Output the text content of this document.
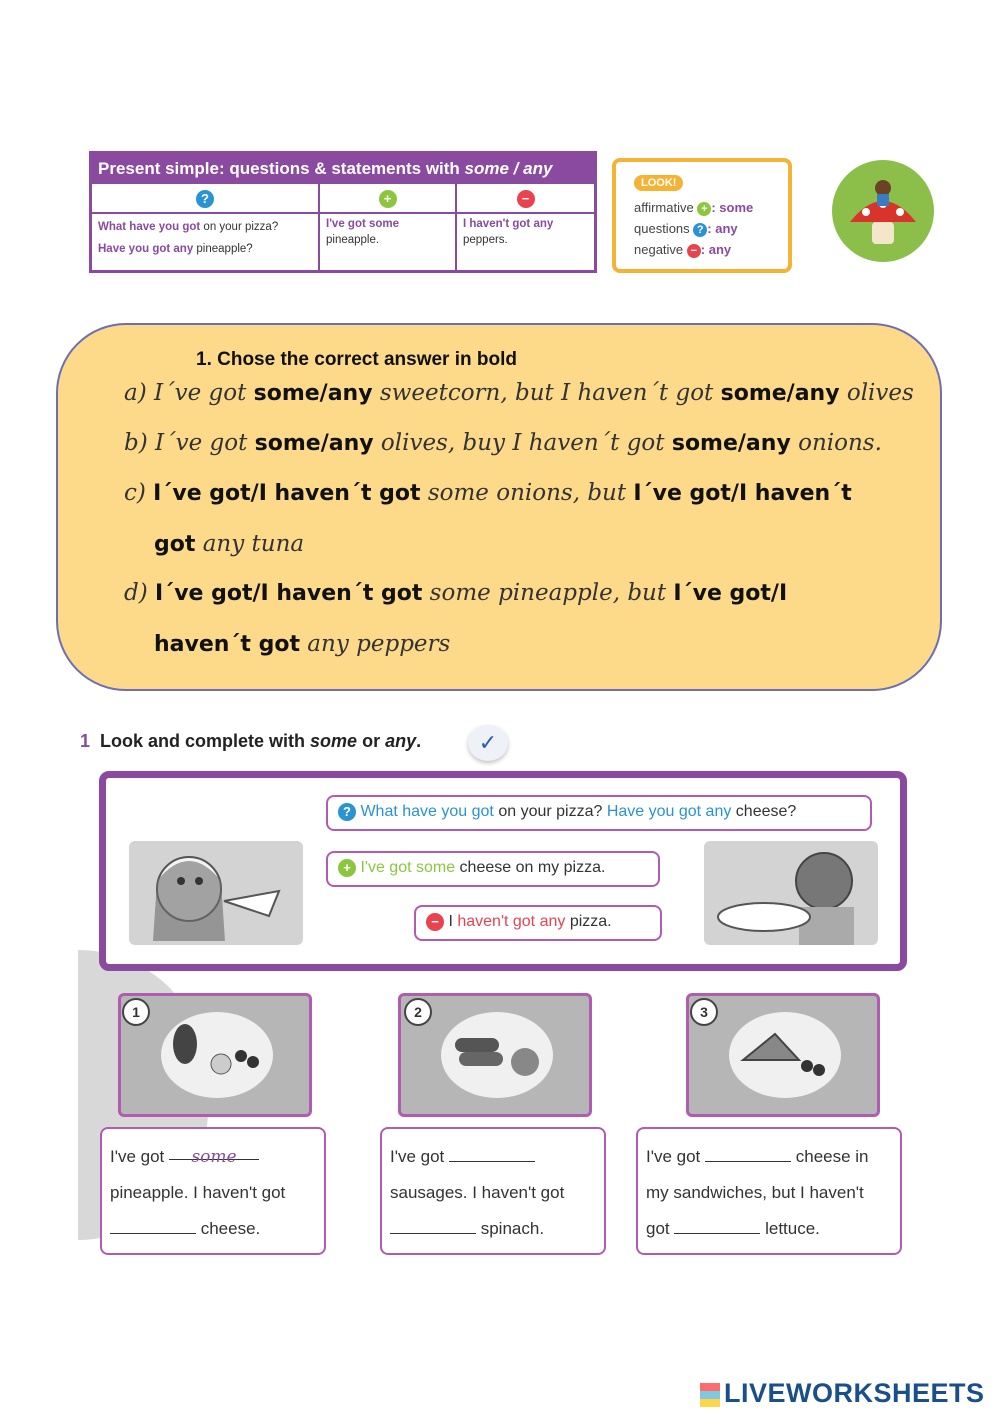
Present simple: questions & statements with some / any
?
What have you got on your pizza?
Have you got any pineapple?
+
I've got some
pineapple.
−
I haven't got any
peppers.
LOOK!
affirmative + : some
questions ? : any
negative − : any
1. Chose the correct answer in bold
a) I´ve got some/any sweetcorn, but I haven´t got some/any olives
b) I´ve got some/any olives, buy I haven´t got some/any onions.
c) I´ve got/I haven´t got some onions, but I´ve got/I haven´t
got any tuna
d) I´ve got/I haven´t got some pineapple, but I´ve got/I
haven´t got any peppers
1 Look and complete with some or any.	✓
? What have you got on your pizza? Have you got any cheese?
+ I've got some cheese on my pizza.
− I haven't got any pizza.
1	2	3
I've got some
pineapple. I haven't got
cheese.
I've got
sausages. I haven't got
spinach.
I've got	cheese in
my sandwiches, but I haven't
got	lettuce.
LIVEWORKSHEETS
